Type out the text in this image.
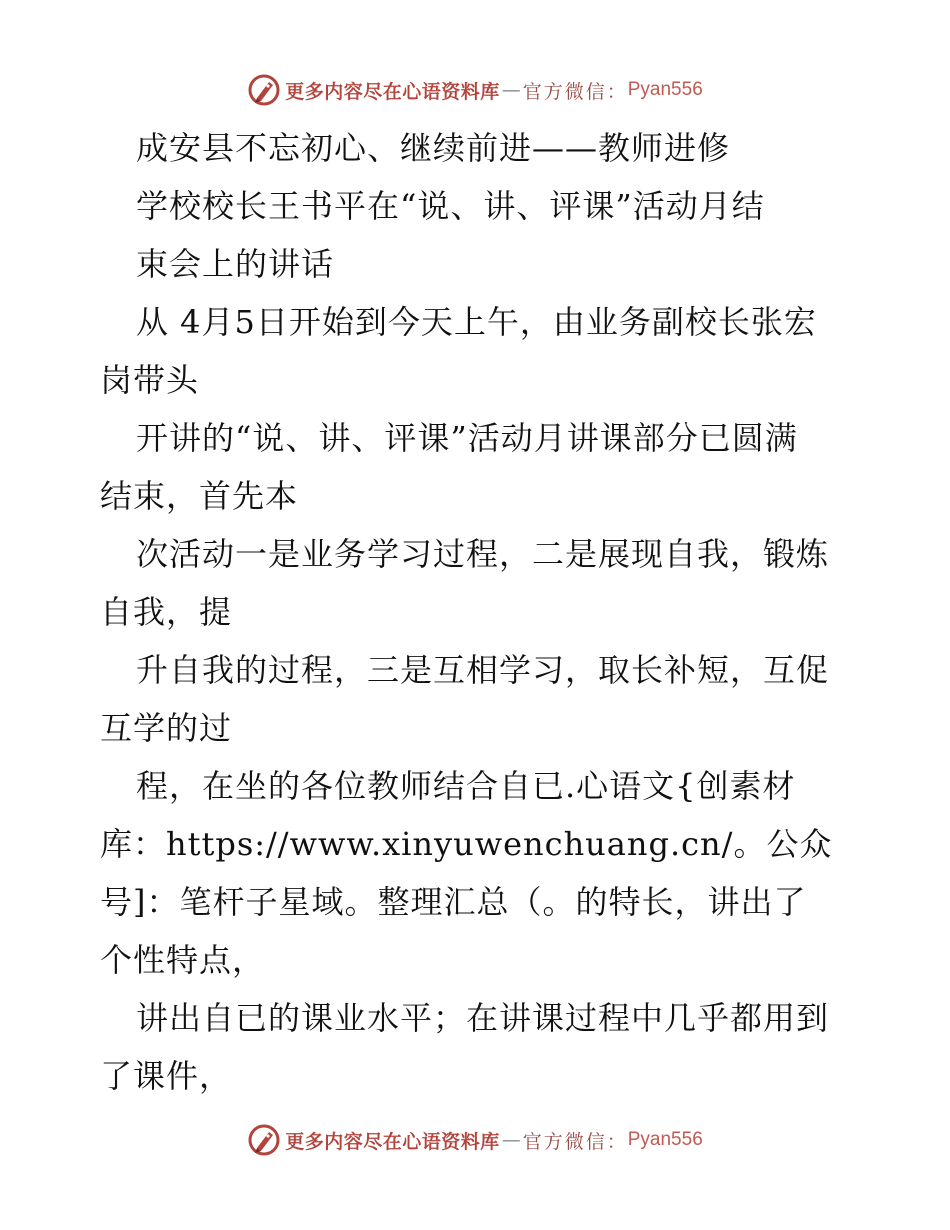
更多内容尽在心语资料库 — 官方微信： Pyan556
成安县不忘初心、继续前进——教师进修
学校校长王书平在“说、讲、评课”活动月结
束会上的讲话
从 4月5日开始到今天上午，由业务副校长张宏
岗带头
开讲的“说、讲、评课”活动月讲课部分已圆满
结束，首先本
次活动一是业务学习过程，二是展现自我，锻炼
自我，提
升自我的过程，三是互相学习，取长补短，互促
互学的过
程，在坐的各位教师结合自已.心语文{创素材
库：https://www.xinyuwenchuang.cn/。公众
号]：笔杆子星域。整理汇总（。的特长，讲出了
个性特点，
讲出自已的课业水平；在讲课过程中几乎都用到
了课件，
更多内容尽在心语资料库 — 官方微信： Pyan556
